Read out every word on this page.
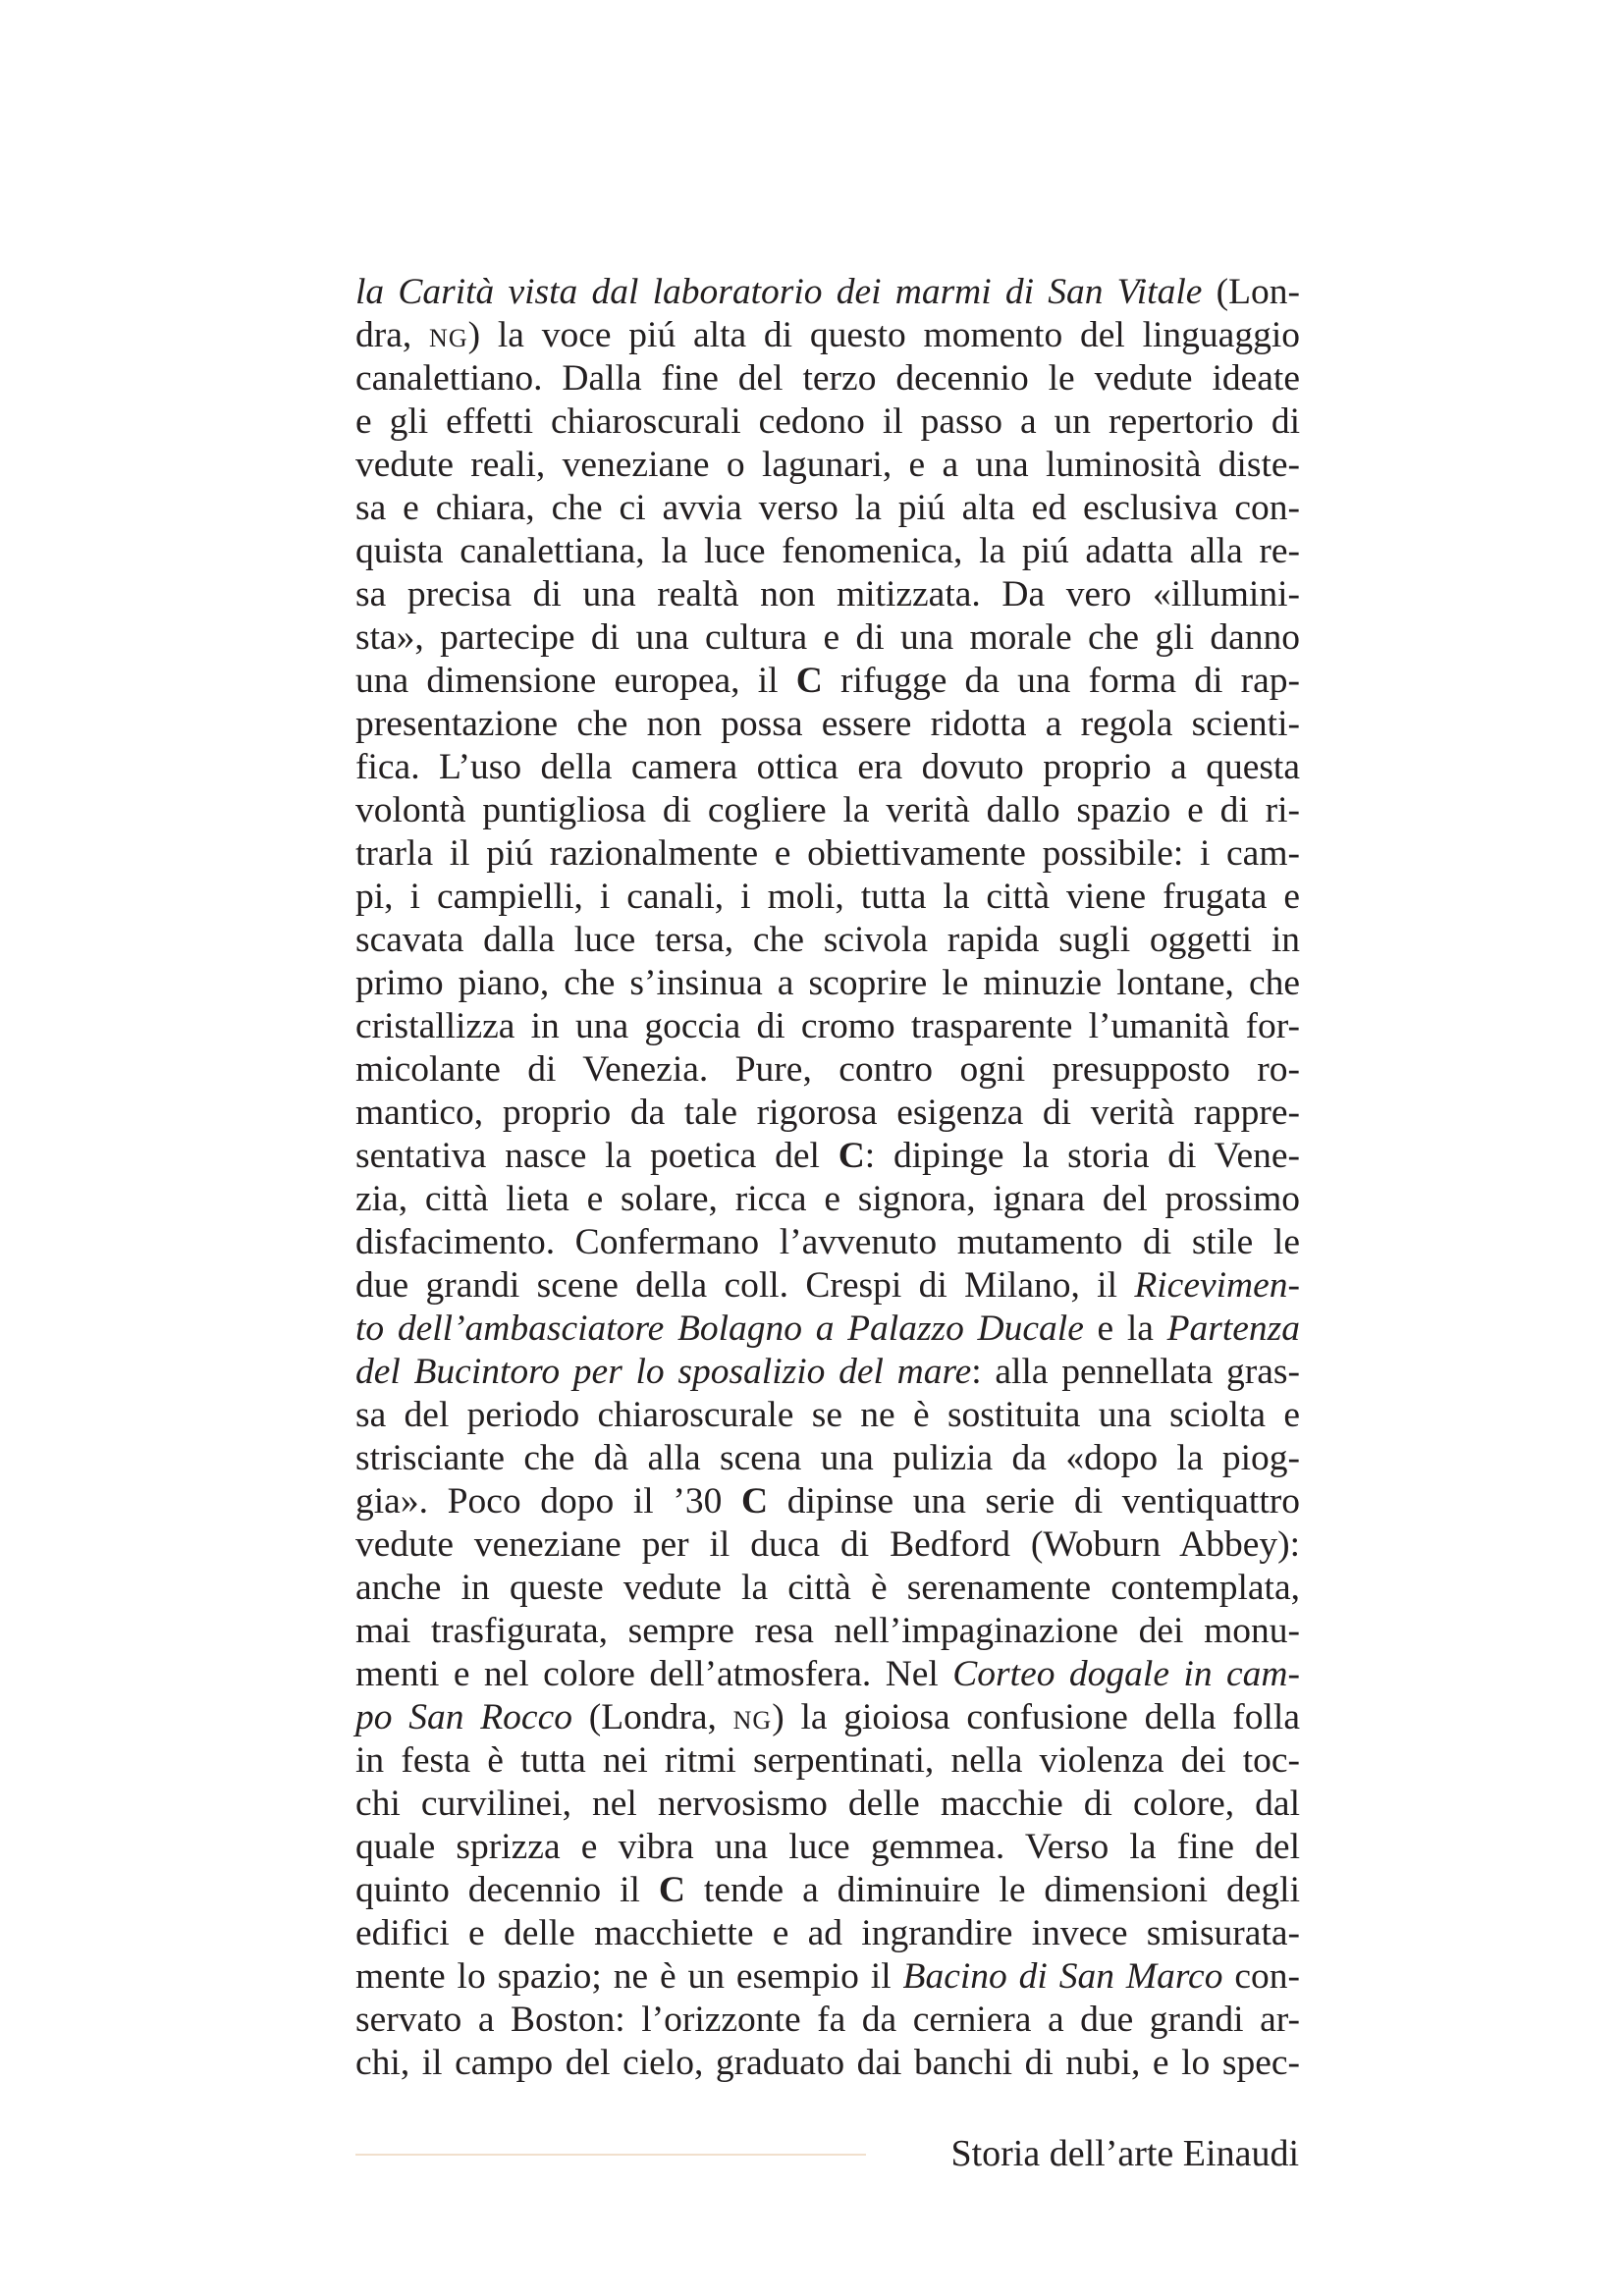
la Carità vista dal laboratorio dei marmi di San Vitale (Lon-
dra, NG) la voce piú alta di questo momento del linguaggio
canalettiano. Dalla fine del terzo decennio le vedute ideate
e gli effetti chiaroscurali cedono il passo a un repertorio di
vedute reali, veneziane o lagunari, e a una luminosità diste-
sa e chiara, che ci avvia verso la piú alta ed esclusiva con-
quista canalettiana, la luce fenomenica, la piú adatta alla re-
sa precisa di una realtà non mitizzata. Da vero «illumini-
sta», partecipe di una cultura e di una morale che gli danno
una dimensione europea, il C rifugge da una forma di rap-
presentazione che non possa essere ridotta a regola scienti-
fica. L’uso della camera ottica era dovuto proprio a questa
volontà puntigliosa di cogliere la verità dallo spazio e di ri-
trarla il piú razionalmente e obiettivamente possibile: i cam-
pi, i campielli, i canali, i moli, tutta la città viene frugata e
scavata dalla luce tersa, che scivola rapida sugli oggetti in
primo piano, che s’insinua a scoprire le minuzie lontane, che
cristallizza in una goccia di cromo trasparente l’umanità for-
micolante di Venezia. Pure, contro ogni presupposto ro-
mantico, proprio da tale rigorosa esigenza di verità rappre-
sentativa nasce la poetica del C: dipinge la storia di Vene-
zia, città lieta e solare, ricca e signora, ignara del prossimo
disfacimento. Confermano l’avvenuto mutamento di stile le
due grandi scene della coll. Crespi di Milano, il Ricevimen-
to dell’ambasciatore Bolagno a Palazzo Ducale e la Partenza
del Bucintoro per lo sposalizio del mare: alla pennellata gras-
sa del periodo chiaroscurale se ne è sostituita una sciolta e
strisciante che dà alla scena una pulizia da «dopo la piog-
gia». Poco dopo il ’30 C dipinse una serie di ventiquattro
vedute veneziane per il duca di Bedford (Woburn Abbey):
anche in queste vedute la città è serenamente contemplata,
mai trasfigurata, sempre resa nell’impaginazione dei monu-
menti e nel colore dell’atmosfera. Nel Corteo dogale in cam-
po San Rocco (Londra, NG) la gioiosa confusione della folla
in festa è tutta nei ritmi serpentinati, nella violenza dei toc-
chi curvilinei, nel nervosismo delle macchie di colore, dal
quale sprizza e vibra una luce gemmea. Verso la fine del
quinto decennio il C tende a diminuire le dimensioni degli
edifici e delle macchiette e ad ingrandire invece smisurata-
mente lo spazio; ne è un esempio il Bacino di San Marco con-
servato a Boston: l’orizzonte fa da cerniera a due grandi ar-
chi, il campo del cielo, graduato dai banchi di nubi, e lo spec-
Storia dell’arte Einaudi
